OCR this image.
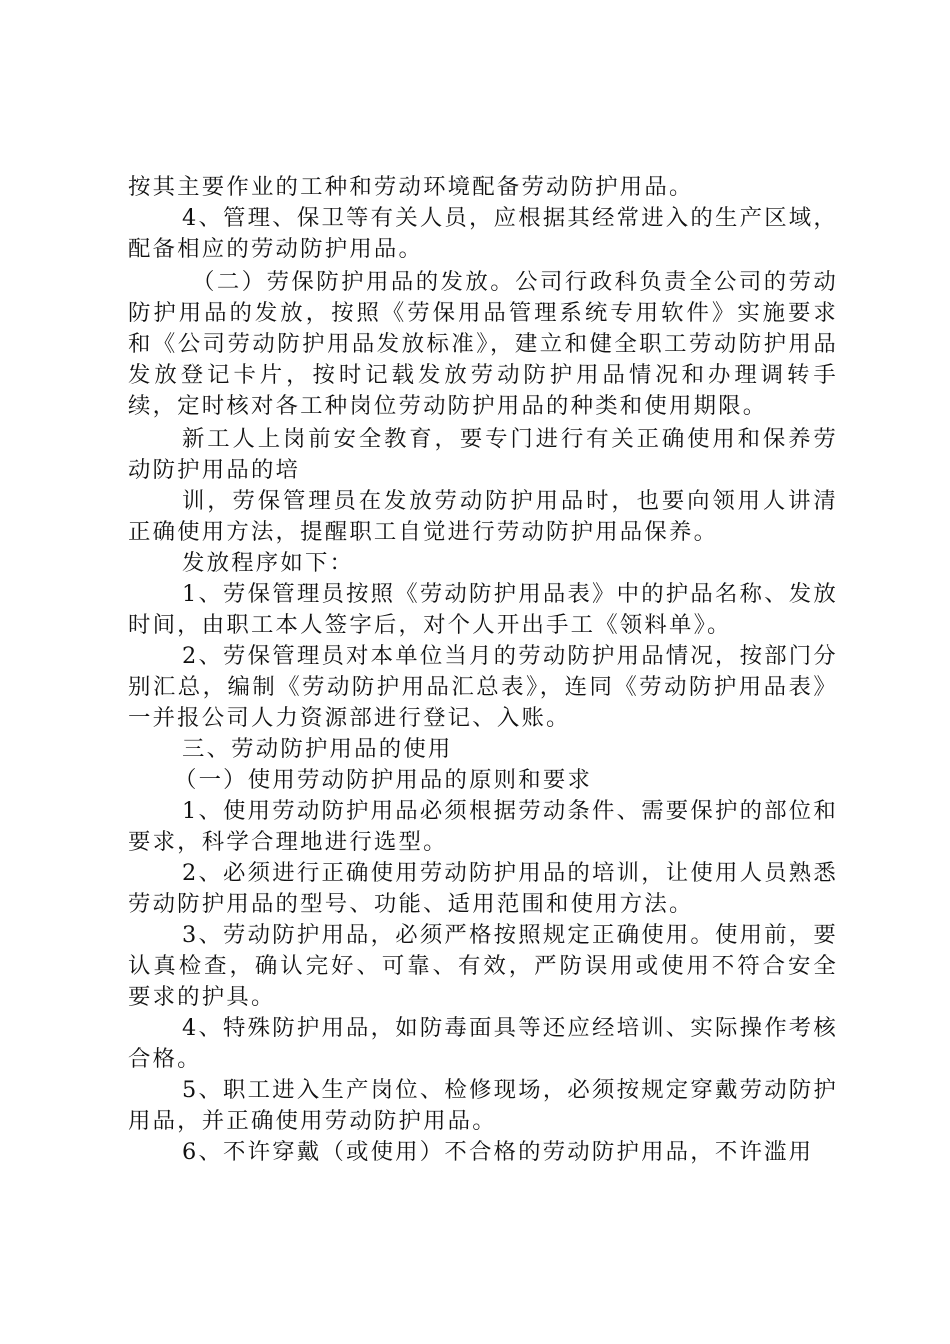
按其主要作业的工种和劳动环境配备劳动防护用品。

4、管理、保卫等有关人员，应根据其经常进入的生产区域，配备相应的劳动防护用品。

（二）劳保防护用品的发放。公司行政科负责全公司的劳动防护用品的发放，按照《劳保用品管理系统专用软件》实施要求和《公司劳动防护用品发放标准》，建立和健全职工劳动防护用品发放登记卡片，按时记载发放劳动防护用品情况和办理调转手续，定时核对各工种岗位劳动防护用品的种类和使用期限。

新工人上岗前安全教育，要专门进行有关正确使用和保养劳动防护用品的培

训，劳保管理员在发放劳动防护用品时，也要向领用人讲清正确使用方法，提醒职工自觉进行劳动防护用品保养。

发放程序如下：

1、劳保管理员按照《劳动防护用品表》中的护品名称、发放时间，由职工本人签字后，对个人开出手工《领料单》。

2、劳保管理员对本单位当月的劳动防护用品情况，按部门分别汇总，编制《劳动防护用品汇总表》，连同《劳动防护用品表》一并报公司人力资源部进行登记、入账。

三、劳动防护用品的使用

（一）使用劳动防护用品的原则和要求

1、使用劳动防护用品必须根据劳动条件、需要保护的部位和要求，科学合理地进行选型。

2、必须进行正确使用劳动防护用品的培训，让使用人员熟悉劳动防护用品的型号、功能、适用范围和使用方法。

3、劳动防护用品，必须严格按照规定正确使用。使用前，要认真检查，确认完好、可靠、有效，严防误用或使用不符合安全要求的护具。

4、特殊防护用品，如防毒面具等还应经培训、实际操作考核合格。

5、职工进入生产岗位、检修现场，必须按规定穿戴劳动防护用品，并正确使用劳动防护用品。

6、不许穿戴（或使用）不合格的劳动防护用品，不许滥用
